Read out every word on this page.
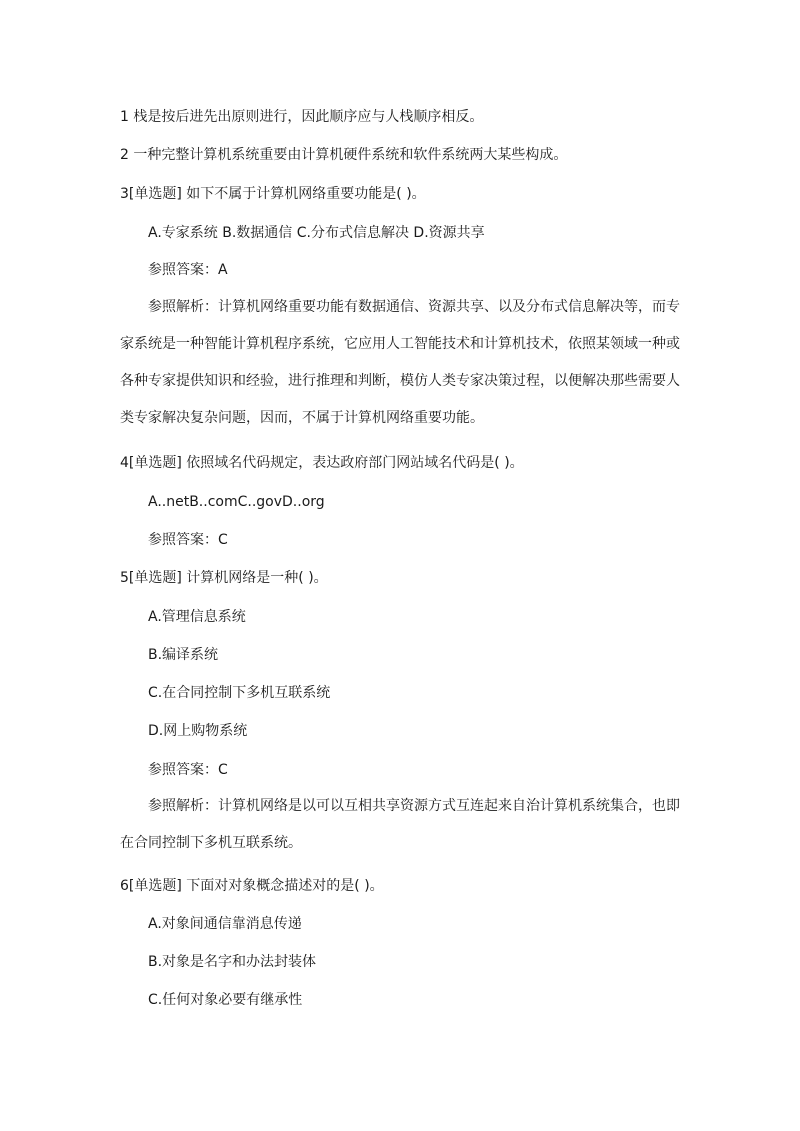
1 栈是按后进先出原则进行，因此顺序应与人栈顺序相反。
2 一种完整计算机系统重要由计算机硬件系统和软件系统两大某些构成。
3[单选题] 如下不属于计算机网络重要功能是( )。
A.专家系统 B.数据通信 C.分布式信息解决 D.资源共享
参照答案：A
参照解析：计算机网络重要功能有数据通信、资源共享、以及分布式信息解决等，而专家系统是一种智能计算机程序系统，它应用人工智能技术和计算机技术，依照某领域一种或各种专家提供知识和经验，进行推理和判断，模仿人类专家决策过程，以便解决那些需要人类专家解决复杂问题，因而，不属于计算机网络重要功能。
4[单选题] 依照域名代码规定，表达政府部门网站域名代码是( )。
A..netB..comC..govD..org
参照答案：C
5[单选题] 计算机网络是一种( )。
A.管理信息系统
B.编译系统
C.在合同控制下多机互联系统
D.网上购物系统
参照答案：C
参照解析：计算机网络是以可以互相共享资源方式互连起来自治计算机系统集合，也即在合同控制下多机互联系统。
6[单选题] 下面对对象概念描述对的是( )。
A.对象间通信靠消息传递
B.对象是名字和办法封装体
C.任何对象必要有继承性
